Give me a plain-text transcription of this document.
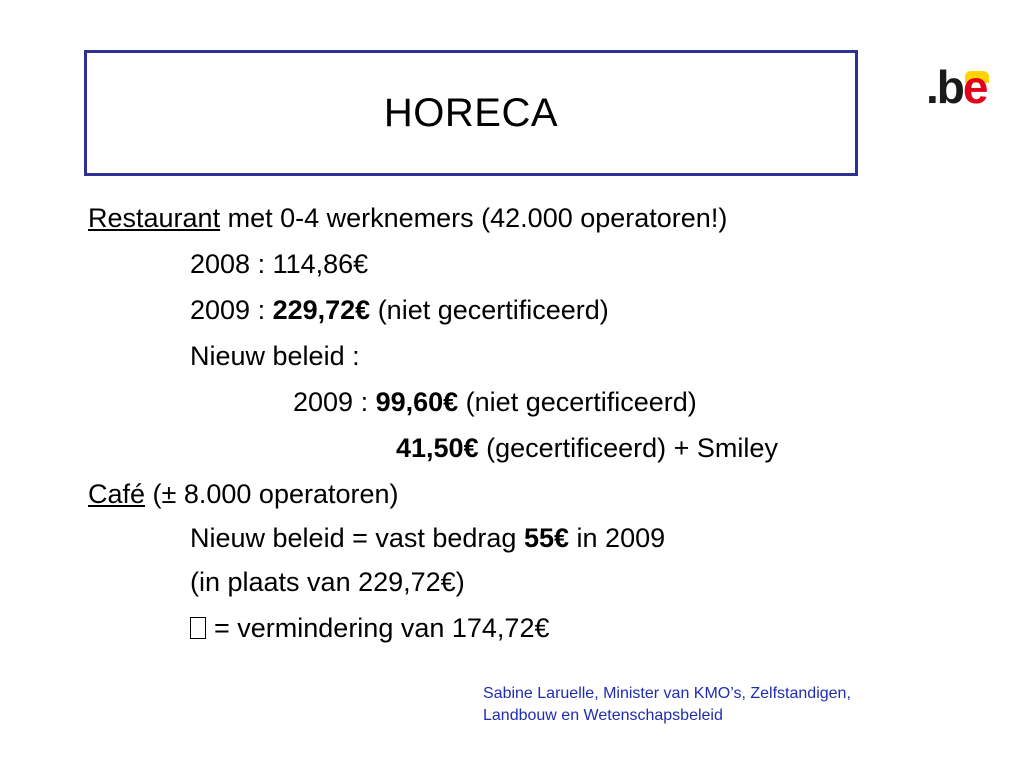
HORECA	.be
Restaurant met 0-4 werknemers (42.000 operatoren!)
2008 : 114,86€
2009 : 229,72€ (niet gecertificeerd)
Nieuw beleid :
2009 : 99,60€ (niet gecertificeerd)
41,50€ (gecertificeerd) + Smiley
Café (± 8.000 operatoren)
Nieuw beleid = vast bedrag 55€ in 2009
(in plaats van 229,72€)
= vermindering van 174,72€
Sabine Laruelle, Minister van KMO’s, Zelfstandigen,
Landbouw en Wetenschapsbeleid
